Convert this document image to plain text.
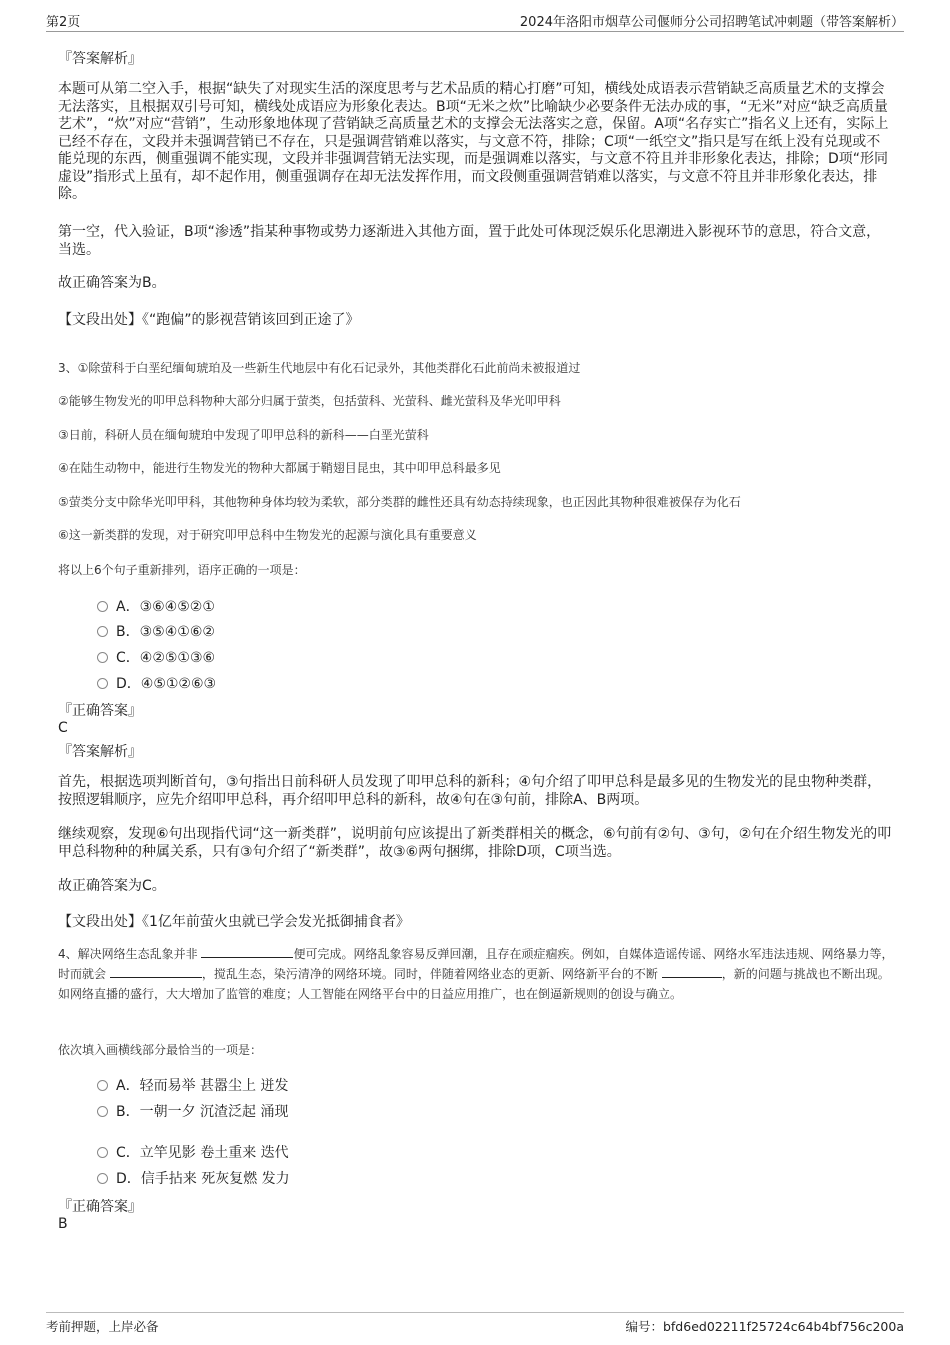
第2页	2024年洛阳市烟草公司偃师分公司招聘笔试冲刺题（带答案解析）
『答案解析』
本题可从第二空入手，根据“缺失了对现实生活的深度思考与艺术品质的精心打磨”可知，横线处成语表示营销缺乏高质量艺术的支撑会无法落实，且根据双引号可知，横线处成语应为形象化表达。B项“无米之炊”比喻缺少必要条件无法办成的事，“无米”对应“缺乏高质量艺术”，“炊”对应“营销”，生动形象地体现了营销缺乏高质量艺术的支撑会无法落实之意，保留。A项“名存实亡”指名义上还有，实际上已经不存在，文段并未强调营销已不存在，只是强调营销难以落实，与文意不符，排除；C项“一纸空文”指只是写在纸上没有兑现或不能兑现的东西，侧重强调不能实现，文段并非强调营销无法实现，而是强调难以落实，与文意不符且并非形象化表达，排除；D项“形同虚设”指形式上虽有，却不起作用，侧重强调存在却无法发挥作用，而文段侧重强调营销难以落实，与文意不符且并非形象化表达，排除。
第一空，代入验证，B项“渗透”指某种事物或势力逐渐进入其他方面，置于此处可体现泛娱乐化思潮进入影视环节的意思，符合文意，当选。
故正确答案为B。
【文段出处】《“跑偏”的影视营销该回到正途了》
3、①除萤科于白垩纪缅甸琥珀及一些新生代地层中有化石记录外，其他类群化石此前尚未被报道过
②能够生物发光的叩甲总科物种大部分归属于萤类，包括萤科、光萤科、雌光萤科及华光叩甲科
③日前，科研人员在缅甸琥珀中发现了叩甲总科的新科——白垩光萤科
④在陆生动物中，能进行生物发光的物种大都属于鞘翅目昆虫，其中叩甲总科最多见
⑤萤类分支中除华光叩甲科，其他物种身体均较为柔软，部分类群的雌性还具有幼态持续现象，也正因此其物种很难被保存为化石
⑥这一新类群的发现，对于研究叩甲总科中生物发光的起源与演化具有重要意义
将以上6个句子重新排列，语序正确的一项是：
A．③⑥④⑤②①
B．③⑤④①⑥②
C．④②⑤①③⑥
D．④⑤①②⑥③
『正确答案』
C
『答案解析』
首先，根据选项判断首句，③句指出日前科研人员发现了叩甲总科的新科；④句介绍了叩甲总科是最多见的生物发光的昆虫物种类群，按照逻辑顺序，应先介绍叩甲总科，再介绍叩甲总科的新科，故④句在③句前，排除A、B两项。
继续观察，发现⑥句出现指代词“这一新类群”，说明前句应该提出了新类群相关的概念，⑥句前有②句、③句，②句在介绍生物发光的叩甲总科物种的种属关系，只有③句介绍了“新类群”，故③⑥两句捆绑，排除D项，C项当选。
故正确答案为C。
【文段出处】《1亿年前萤火虫就已学会发光抵御捕食者》
4、解决网络生态乱象并非	便可完成。网络乱象容易反弹回潮，且存在顽症痼疾。例如，自媒体造谣传谣、网络水军违法违规、网络暴力等，时而就会	，搅乱生态，染污清净的网络环境。同时，伴随着网络业态的更新、网络新平台的不断	，新的问题与挑战也不断出现。如网络直播的盛行，大大增加了监管的难度；人工智能在网络平台中的日益应用推广，也在倒逼新规则的创设与确立。
依次填入画横线部分最恰当的一项是：
A．轻而易举 甚嚣尘上 迸发
B．一朝一夕 沉渣泛起 涌现
C．立竿见影 卷土重来 迭代
D．信手拈来 死灰复燃 发力
『正确答案』
B
考前押题，上岸必备	编号：bfd6ed02211f25724c64b4bf756c200a
